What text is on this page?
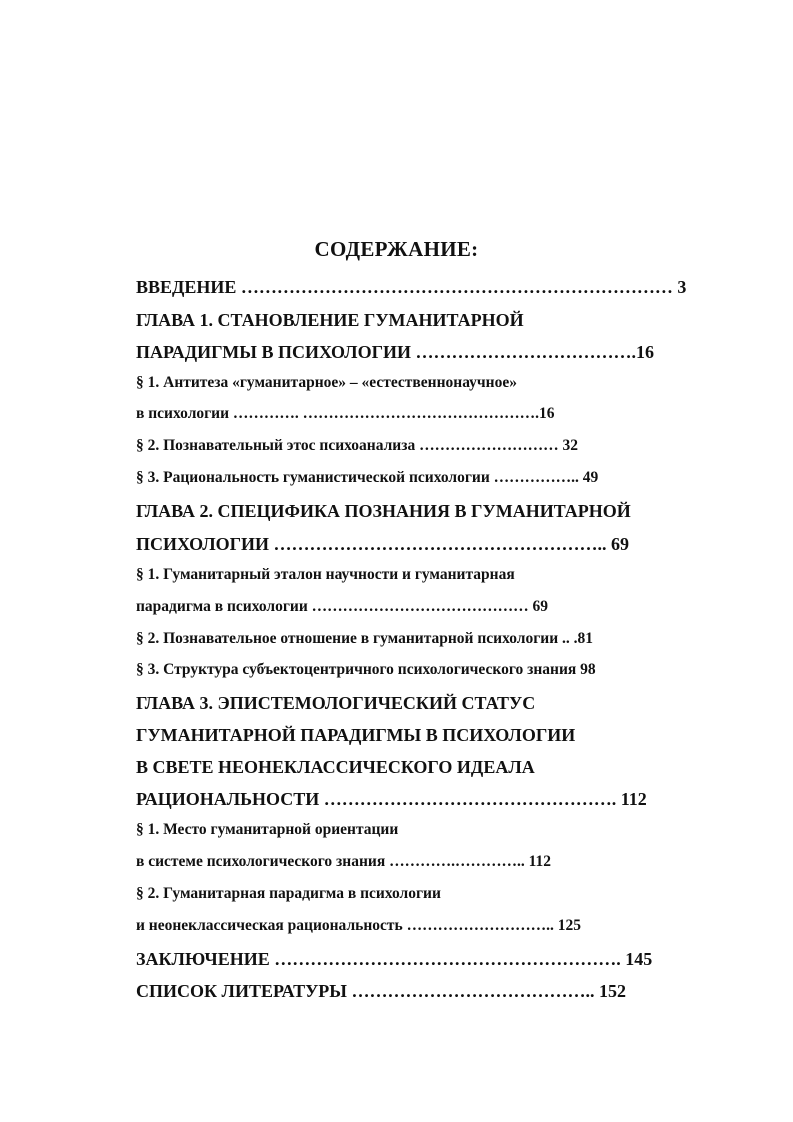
СОДЕРЖАНИЕ:
ВВЕДЕНИЕ ……………………………………………………………… 3
ГЛАВА 1. СТАНОВЛЕНИЕ ГУМАНИТАРНОЙ
ПАРАДИГМЫ В ПСИХОЛОГИИ ……………………………….16
§ 1. Антитеза «гуманитарное» – «естественнонаучное»
в психологии …………. ……………………………………….16
§ 2. Познавательный этос психоанализа ……………………… 32
§ 3. Рациональность гуманистической психологии …………….. 49
ГЛАВА 2. СПЕЦИФИКА ПОЗНАНИЯ В ГУМАНИТАРНОЙ
ПСИХОЛОГИИ ……………………………………………….. 69
§ 1. Гуманитарный эталон научности и гуманитарная
парадигма в психологии …………………………………… 69
§ 2. Познавательное отношение в гуманитарной психологии .. .81
§ 3. Структура субъектоцентричного психологического знания 98
ГЛАВА 3. ЭПИСТЕМОЛОГИЧЕСКИЙ СТАТУС
ГУМАНИТАРНОЙ ПАРАДИГМЫ В ПСИХОЛОГИИ
В СВЕТЕ НЕОНЕКЛАССИЧЕСКОГО ИДЕАЛА
РАЦИОНАЛЬНОСТИ …………………………………………. 112
§ 1. Место гуманитарной ориентации
в системе психологического знания ………….………….. 112
§ 2. Гуманитарная парадигма в психологии
и неонеклассическая рациональность ……………………….. 125
ЗАКЛЮЧЕНИЕ …………………………………………………. 145
СПИСОК ЛИТЕРАТУРЫ ………………………………….. 152
